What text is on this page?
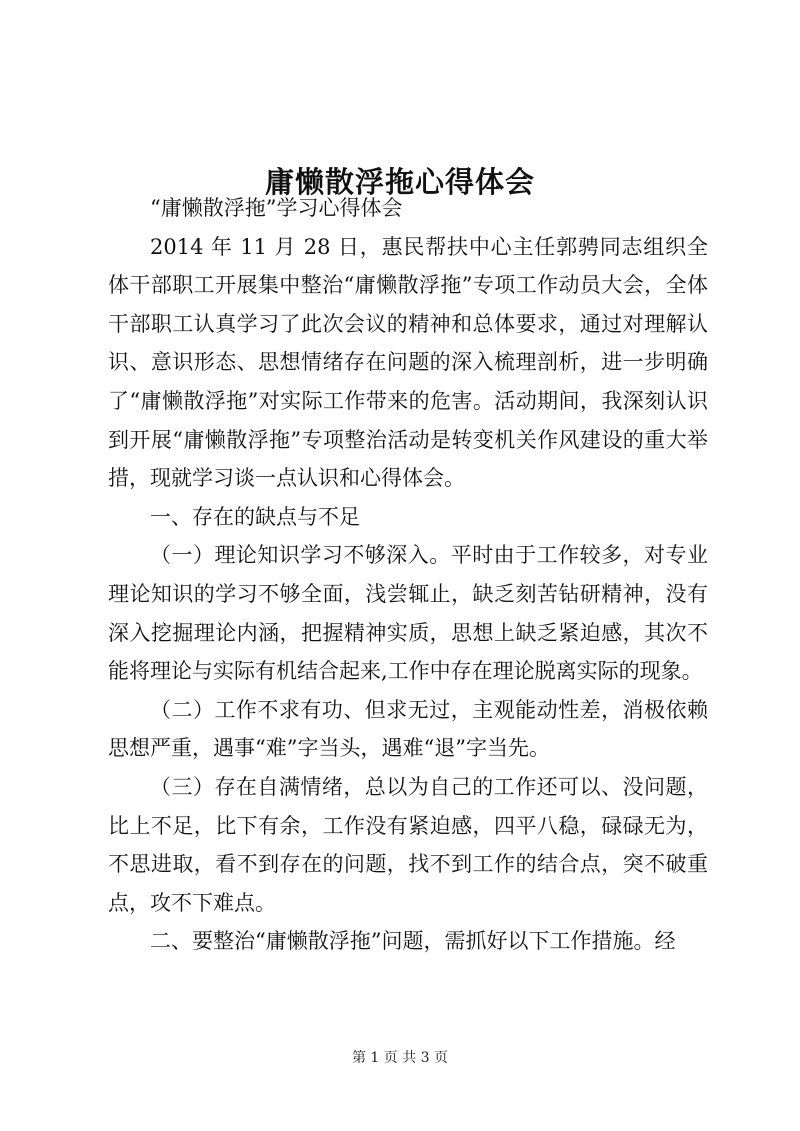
庸懒散浮拖心得体会

“庸懒散浮拖”学习心得体会

2014 年 11 月 28 日，惠民帮扶中心主任郭骋同志组织全体干部职工开展集中整治“庸懒散浮拖”专项工作动员大会，全体干部职工认真学习了此次会议的精神和总体要求，通过对理解认识、意识形态、思想情绪存在问题的深入梳理剖析，进一步明确了“庸懒散浮拖”对实际工作带来的危害。活动期间，我深刻认识到开展“庸懒散浮拖”专项整治活动是转变机关作风建设的重大举措，现就学习谈一点认识和心得体会。

一、存在的缺点与不足

（一）理论知识学习不够深入。平时由于工作较多，对专业理论知识的学习不够全面，浅尝辄止，缺乏刻苦钻研精神，没有深入挖掘理论内涵，把握精神实质，思想上缺乏紧迫感，其次不能将理论与实际有机结合起来,工作中存在理论脱离实际的现象。

（二）工作不求有功、但求无过，主观能动性差，消极依赖思想严重，遇事“难”字当头，遇难“退”字当先。

（三）存在自满情绪，总以为自己的工作还可以、没问题，比上不足，比下有余，工作没有紧迫感，四平八稳，碌碌无为，不思进取，看不到存在的问题，找不到工作的结合点，突不破重点，攻不下难点。

二、要整治“庸懒散浮拖”问题，需抓好以下工作措施。经

第 1 页 共 3 页
